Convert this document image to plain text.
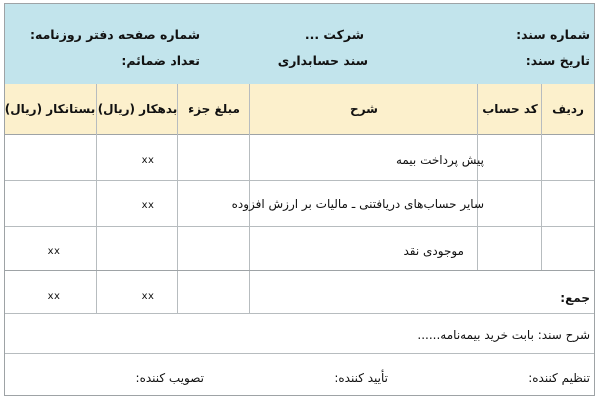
شماره سند:
تاریخ سند:
شرکت ...
سند حسابداری
شماره صفحه دفتر روزنامه:
تعداد ضمائم:
ردیف
کد حساب
شرح
مبلغ جزء
بدهکار (ریال)
بستانکار (ریال)
پیش پرداخت بیمه
xx
سایر حساب‌های دریافتنی ـ مالیات بر ارزش افزوده
xx
موجودی نقد
xx
جمع:
xx
xx
شرح سند: بابت خرید بیمه‌نامه......
تنظیم کننده:
تأیید کننده:
تصویب کننده:
